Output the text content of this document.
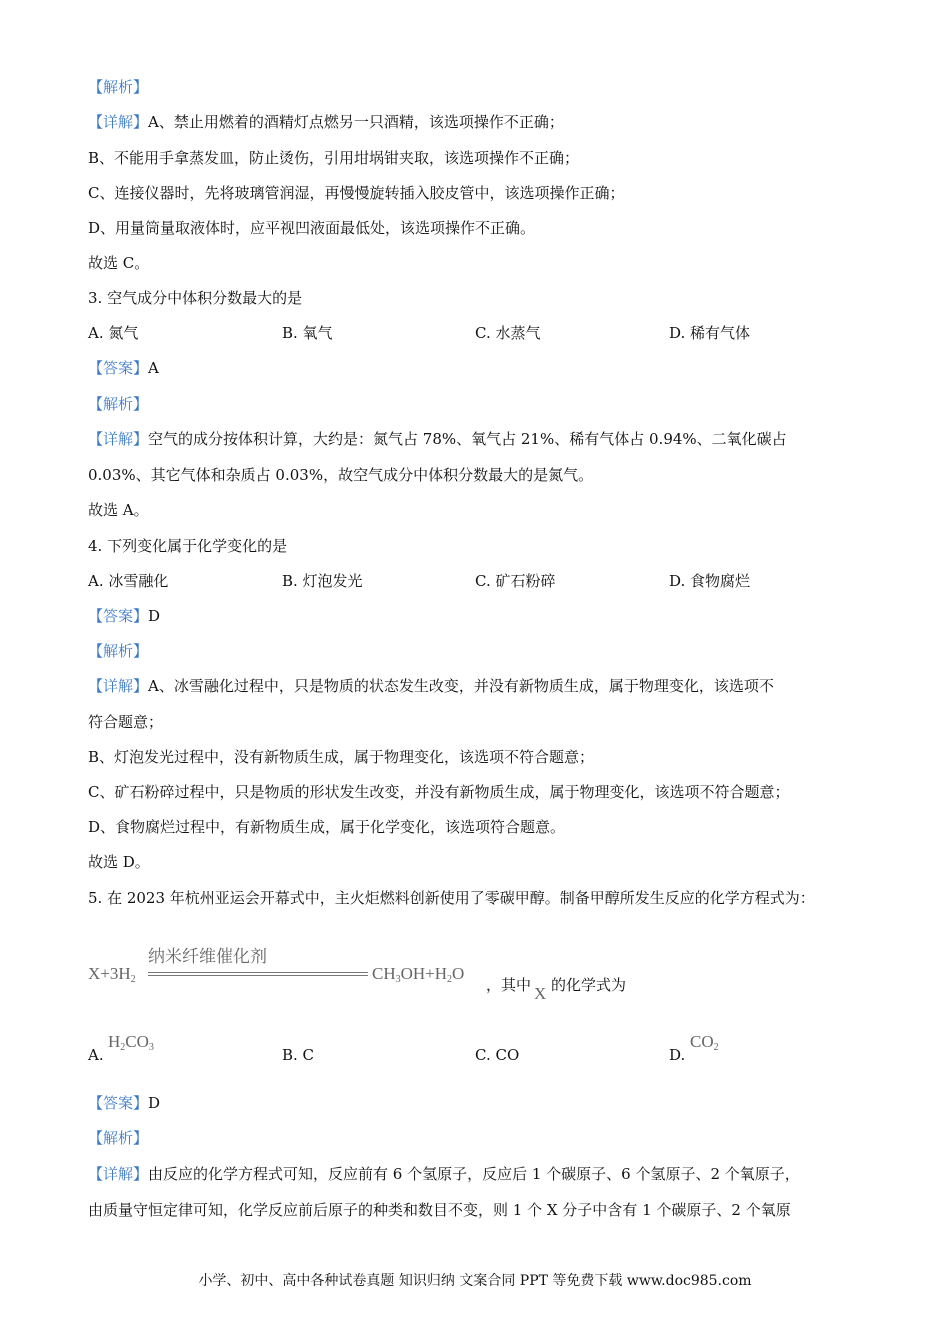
【解析】
【详解】A、禁止用燃着的酒精灯点燃另一只酒精，该选项操作不正确；
B、不能用手拿蒸发皿，防止烫伤，引用坩埚钳夹取，该选项操作不正确；
C、连接仪器时，先将玻璃管润湿，再慢慢旋转插入胶皮管中，该选项操作正确；
D、用量筒量取液体时，应平视凹液面最低处，该选项操作不正确。
故选 C。
3. 空气成分中体积分数最大的是
A. 氮气	B. 氧气	C. 水蒸气	D. 稀有气体
【答案】A
【解析】
【详解】空气的成分按体积计算，大约是：氮气占 78%、氧气占 21%、稀有气体占 0.94%、二氧化碳占
0.03%、其它气体和杂质占 0.03%，故空气成分中体积分数最大的是氮气。
故选 A。
4. 下列变化属于化学变化的是
A. 冰雪融化	B. 灯泡发光	C. 矿石粉碎	D. 食物腐烂
【答案】D
【解析】
【详解】A、冰雪融化过程中，只是物质的状态发生改变，并没有新物质生成，属于物理变化，该选项不
符合题意；
B、灯泡发光过程中，没有新物质生成，属于物理变化，该选项不符合题意；
C、矿石粉碎过程中，只是物质的形状发生改变，并没有新物质生成，属于物理变化，该选项不符合题意；
D、食物腐烂过程中，有新物质生成，属于化学变化，该选项符合题意。
故选 D。
5. 在 2023 年杭州亚运会开幕式中，主火炬燃料创新使用了零碳甲醇。制备甲醇所发生反应的化学方程式为：
$X+3H_2$
纳米纤维催化剂
$CH_3OH+H_2O$
，其中 X 的化学式为
A.
$H_2CO_3$	B. C	C. CO	D.
$CO_2$
【答案】D
【解析】
【详解】由反应的化学方程式可知，反应前有 6 个氢原子，反应后 1 个碳原子、6 个氢原子、2 个氧原子，
由质量守恒定律可知，化学反应前后原子的种类和数目不变，则 1 个 X 分子中含有 1 个碳原子、2 个氧原
小学、初中、高中各种试卷真题 知识归纳 文案合同 PPT 等免费下载 www.doc985.com
